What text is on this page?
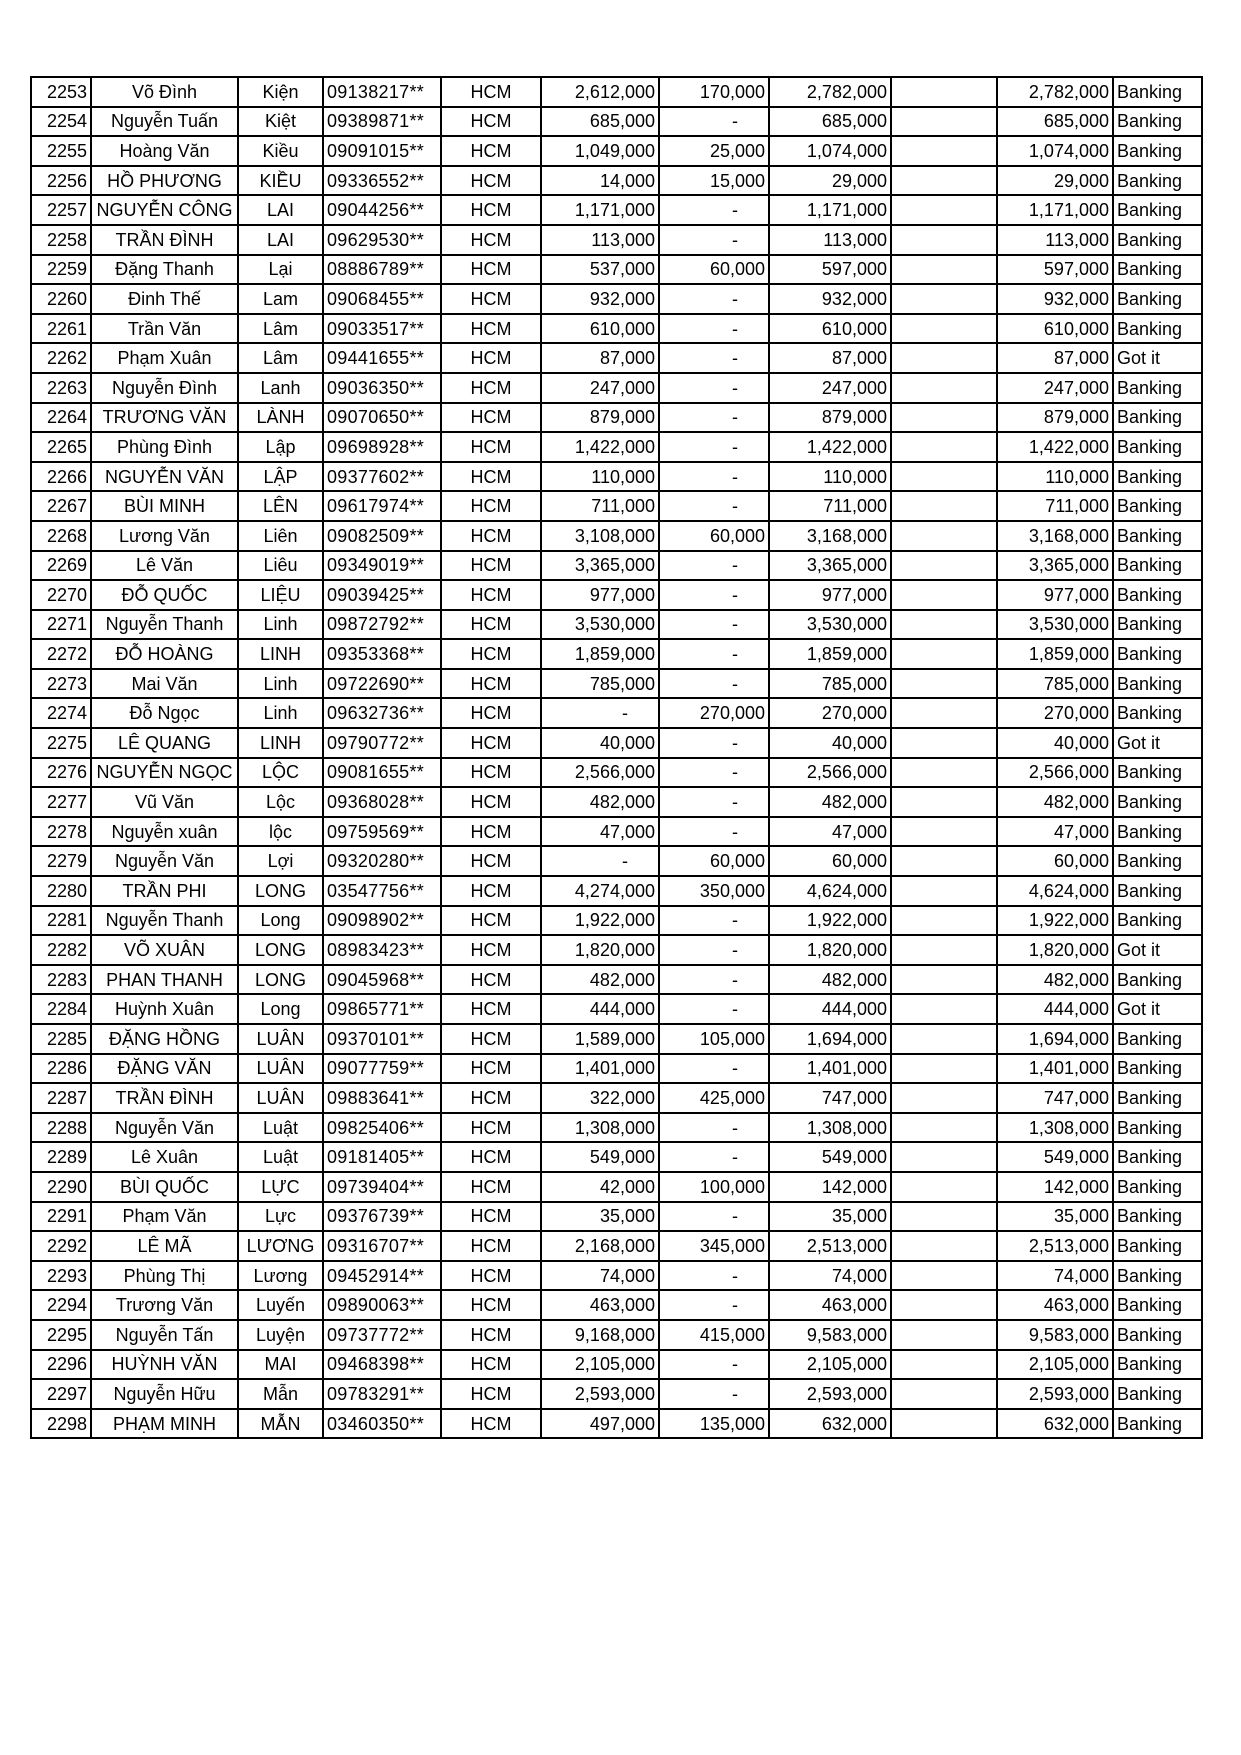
2253	Võ Đình	Kiện	09138217**	HCM	2,612,000	170,000	2,782,000		2,782,000	Banking
2254	Nguyễn Tuấn	Kiệt	09389871**	HCM	685,000	-	685,000		685,000	Banking
2255	Hoàng Văn	Kiều	09091015**	HCM	1,049,000	25,000	1,074,000		1,074,000	Banking
2256	HỒ PHƯƠNG	KIỀU	09336552**	HCM	14,000	15,000	29,000		29,000	Banking
2257	NGUYỄN CÔNG	LAI	09044256**	HCM	1,171,000	-	1,171,000		1,171,000	Banking
2258	TRẦN ĐÌNH	LAI	09629530**	HCM	113,000	-	113,000		113,000	Banking
2259	Đặng Thanh	Lại	08886789**	HCM	537,000	60,000	597,000		597,000	Banking
2260	Đinh Thế	Lam	09068455**	HCM	932,000	-	932,000		932,000	Banking
2261	Trần Văn	Lâm	09033517**	HCM	610,000	-	610,000		610,000	Banking
2262	Phạm Xuân	Lâm	09441655**	HCM	87,000	-	87,000		87,000	Got it
2263	Nguyễn Đình	Lanh	09036350**	HCM	247,000	-	247,000		247,000	Banking
2264	TRƯƠNG VĂN	LÀNH	09070650**	HCM	879,000	-	879,000		879,000	Banking
2265	Phùng Đình	Lập	09698928**	HCM	1,422,000	-	1,422,000		1,422,000	Banking
2266	NGUYỄN VĂN	LẬP	09377602**	HCM	110,000	-	110,000		110,000	Banking
2267	BÙI MINH	LÊN	09617974**	HCM	711,000	-	711,000		711,000	Banking
2268	Lương Văn	Liên	09082509**	HCM	3,108,000	60,000	3,168,000		3,168,000	Banking
2269	Lê Văn	Liêu	09349019**	HCM	3,365,000	-	3,365,000		3,365,000	Banking
2270	ĐỖ QUỐC	LIỆU	09039425**	HCM	977,000	-	977,000		977,000	Banking
2271	Nguyễn Thanh	Linh	09872792**	HCM	3,530,000	-	3,530,000		3,530,000	Banking
2272	ĐỖ HOÀNG	LINH	09353368**	HCM	1,859,000	-	1,859,000		1,859,000	Banking
2273	Mai Văn	Linh	09722690**	HCM	785,000	-	785,000		785,000	Banking
2274	Đỗ Ngọc	Linh	09632736**	HCM	-	270,000	270,000		270,000	Banking
2275	LÊ QUANG	LINH	09790772**	HCM	40,000	-	40,000		40,000	Got it
2276	NGUYỄN NGỌC	LỘC	09081655**	HCM	2,566,000	-	2,566,000		2,566,000	Banking
2277	Vũ Văn	Lộc	09368028**	HCM	482,000	-	482,000		482,000	Banking
2278	Nguyễn xuân	lộc	09759569**	HCM	47,000	-	47,000		47,000	Banking
2279	Nguyễn Văn	Lợi	09320280**	HCM	-	60,000	60,000		60,000	Banking
2280	TRẦN PHI	LONG	03547756**	HCM	4,274,000	350,000	4,624,000		4,624,000	Banking
2281	Nguyễn Thanh	Long	09098902**	HCM	1,922,000	-	1,922,000		1,922,000	Banking
2282	VÕ XUÂN	LONG	08983423**	HCM	1,820,000	-	1,820,000		1,820,000	Got it
2283	PHAN THANH	LONG	09045968**	HCM	482,000	-	482,000		482,000	Banking
2284	Huỳnh Xuân	Long	09865771**	HCM	444,000	-	444,000		444,000	Got it
2285	ĐẶNG HỒNG	LUÂN	09370101**	HCM	1,589,000	105,000	1,694,000		1,694,000	Banking
2286	ĐẶNG VĂN	LUÂN	09077759**	HCM	1,401,000	-	1,401,000		1,401,000	Banking
2287	TRẦN ĐÌNH	LUÂN	09883641**	HCM	322,000	425,000	747,000		747,000	Banking
2288	Nguyễn Văn	Luật	09825406**	HCM	1,308,000	-	1,308,000		1,308,000	Banking
2289	Lê Xuân	Luật	09181405**	HCM	549,000	-	549,000		549,000	Banking
2290	BÙI QUỐC	LỰC	09739404**	HCM	42,000	100,000	142,000		142,000	Banking
2291	Phạm Văn	Lực	09376739**	HCM	35,000	-	35,000		35,000	Banking
2292	LÊ MÃ	LƯƠNG	09316707**	HCM	2,168,000	345,000	2,513,000		2,513,000	Banking
2293	Phùng Thị	Lương	09452914**	HCM	74,000	-	74,000		74,000	Banking
2294	Trương Văn	Luyến	09890063**	HCM	463,000	-	463,000		463,000	Banking
2295	Nguyễn Tấn	Luyện	09737772**	HCM	9,168,000	415,000	9,583,000		9,583,000	Banking
2296	HUỲNH VĂN	MAI	09468398**	HCM	2,105,000	-	2,105,000		2,105,000	Banking
2297	Nguyễn Hữu	Mẫn	09783291**	HCM	2,593,000	-	2,593,000		2,593,000	Banking
2298	PHẠM MINH	MẪN	03460350**	HCM	497,000	135,000	632,000		632,000	Banking
